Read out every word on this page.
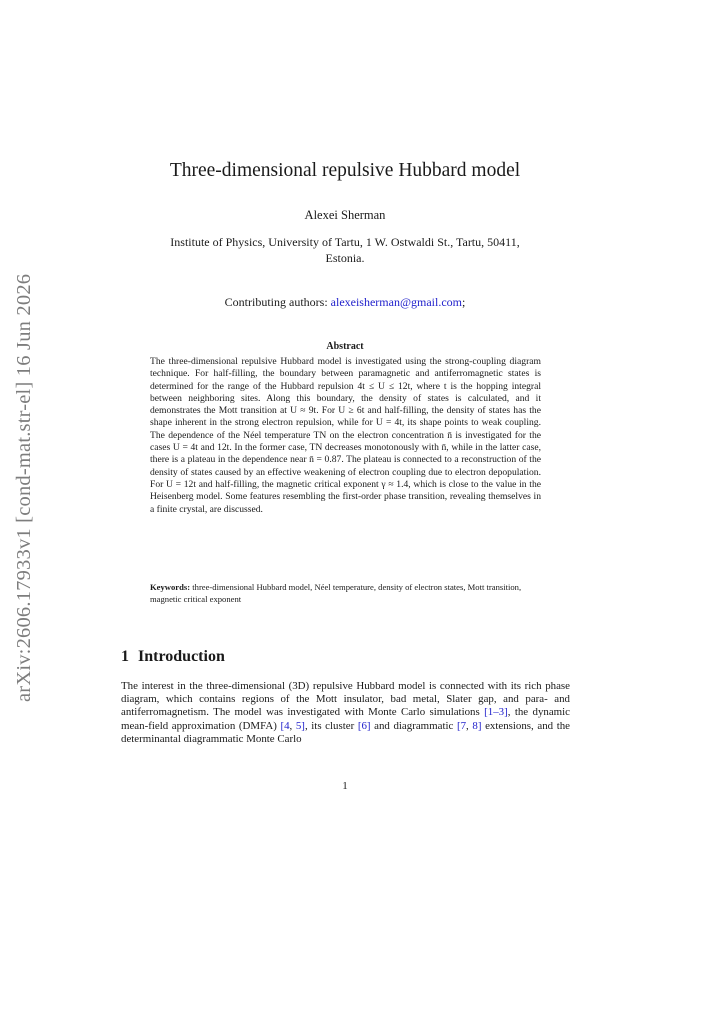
arXiv:2606.17933v1 [cond-mat.str-el] 16 Jun 2026
Three-dimensional repulsive Hubbard model
Alexei Sherman
Institute of Physics, University of Tartu, 1 W. Ostwaldi St., Tartu, 50411, Estonia.
Contributing authors: alexeisherman@gmail.com;
Abstract
The three-dimensional repulsive Hubbard model is investigated using the strong-coupling diagram technique. For half-filling, the boundary between paramagnetic and antiferromagnetic states is determined for the range of the Hubbard repulsion 4t ≤ U ≤ 12t, where t is the hopping integral between neighboring sites. Along this boundary, the density of states is calculated, and it demonstrates the Mott transition at U ≈ 9t. For U ≥ 6t and half-filling, the density of states has the shape inherent in the strong electron repulsion, while for U = 4t, its shape points to weak coupling. The dependence of the Néel temperature TN on the electron concentration n̄ is investigated for the cases U = 4t and 12t. In the former case, TN decreases monotonously with n̄, while in the latter case, there is a plateau in the dependence near n̄ = 0.87. The plateau is connected to a reconstruction of the density of states caused by an effective weakening of electron coupling due to electron depopulation. For U = 12t and half-filling, the magnetic critical exponent γ ≈ 1.4, which is close to the value in the Heisenberg model. Some features resembling the first-order phase transition, revealing themselves in a finite crystal, are discussed.
Keywords: three-dimensional Hubbard model, Néel temperature, density of electron states, Mott transition, magnetic critical exponent
1 Introduction
The interest in the three-dimensional (3D) repulsive Hubbard model is connected with its rich phase diagram, which contains regions of the Mott insulator, bad metal, Slater gap, and para- and antiferromagnetism. The model was investigated with Monte Carlo simulations [1–3], the dynamic mean-field approximation (DMFA) [4, 5], its cluster [6] and diagrammatic [7, 8] extensions, and the determinantal diagrammatic Monte Carlo
1
